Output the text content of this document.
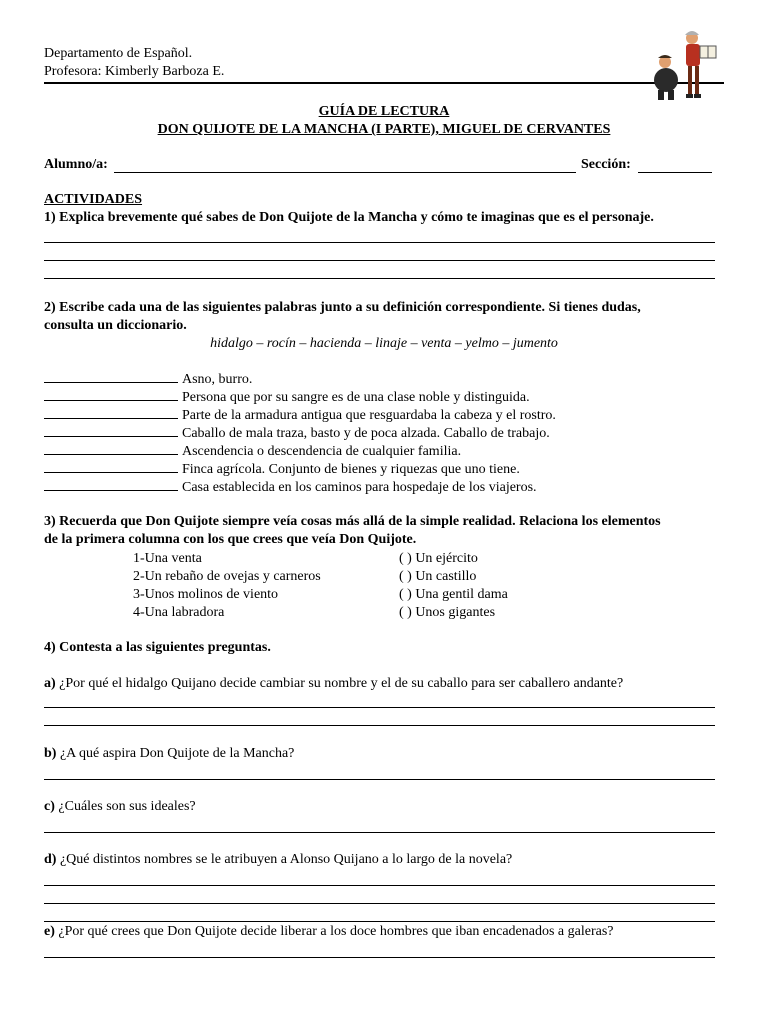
Departamento de Español.
Profesora: Kimberly Barboza E.
GUÍA DE LECTURA
DON QUIJOTE DE LA MANCHA (I PARTE), MIGUEL DE CERVANTES
Alumno/a:	Sección:
ACTIVIDADES
1) Explica brevemente qué sabes de Don Quijote de la Mancha y cómo te imaginas que es el personaje.
2) Escribe cada una de las siguientes palabras junto a su definición correspondiente. Si tienes dudas,
consulta un diccionario.
hidalgo – rocín – hacienda – linaje – venta – yelmo – jumento
Asno, burro.
Persona que por su sangre es de una clase noble y distinguida.
Parte de la armadura antigua que resguardaba la cabeza y el rostro.
Caballo de mala traza, basto y de poca alzada. Caballo de trabajo.
Ascendencia o descendencia de cualquier familia.
Finca agrícola. Conjunto de bienes y riquezas que uno tiene.
Casa establecida en los caminos para hospedaje de los viajeros.
3) Recuerda que Don Quijote siempre veía cosas más allá de la simple realidad. Relaciona los elementos
de la primera columna con los que crees que veía Don Quijote.
1-Una venta
2-Un rebaño de ovejas y carneros
3-Unos molinos de viento
4-Una labradora
( ) Un ejército
( ) Un castillo
( ) Una gentil dama
( ) Unos gigantes
4) Contesta a las siguientes preguntas.
a) ¿Por qué el hidalgo Quijano decide cambiar su nombre y el de su caballo para ser caballero andante?
b) ¿A qué aspira Don Quijote de la Mancha?
c) ¿Cuáles son sus ideales?
d) ¿Qué distintos nombres se le atribuyen a Alonso Quijano a lo largo de la novela?
e) ¿Por qué crees que Don Quijote decide liberar a los doce hombres que iban encadenados a galeras?
